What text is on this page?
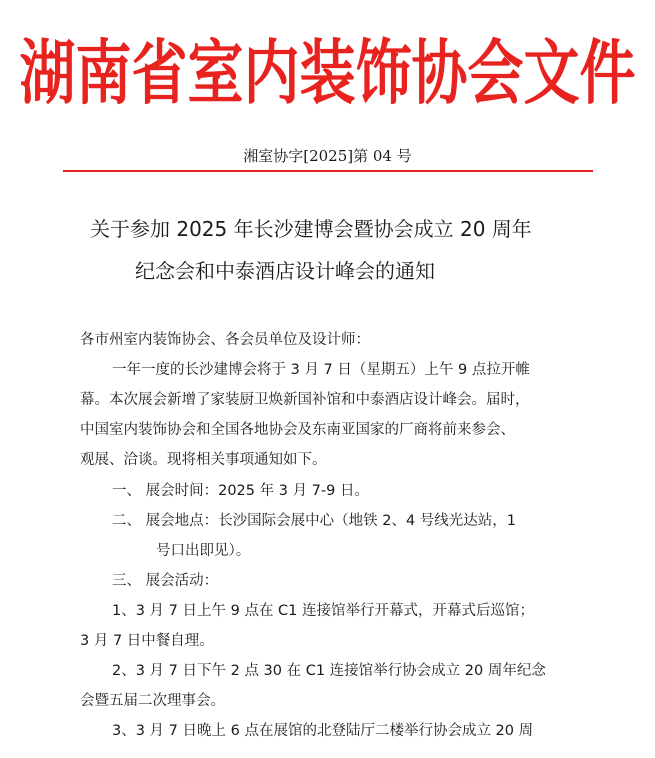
湖南省室内装饰协会文件
湘室协字[2025]第 04 号
关于参加 2025 年长沙建博会暨协会成立 20 周年
纪念会和中泰酒店设计峰会的通知
各市州室内装饰协会、各会员单位及设计师：
一年一度的长沙建博会将于 3 月 7 日（星期五）上午 9 点拉开帷
幕。本次展会新增了家装厨卫焕新国补馆和中泰酒店设计峰会。届时，
中国室内装饰协会和全国各地协会及东南亚国家的厂商将前来参会、
观展、洽谈。现将相关事项通知如下。
一、 展会时间：2025 年 3 月 7-9 日。
二、 展会地点：长沙国际会展中心（地铁 2、4 号线光达站，1
号口出即见）。
三、 展会活动：
1、3 月 7 日上午 9 点在 C1 连接馆举行开幕式，开幕式后巡馆；
3 月 7 日中餐自理。
2、3 月 7 日下午 2 点 30 在 C1 连接馆举行协会成立 20 周年纪念
会暨五届二次理事会。
3、3 月 7 日晚上 6 点在展馆的北登陆厅二楼举行协会成立 20 周
